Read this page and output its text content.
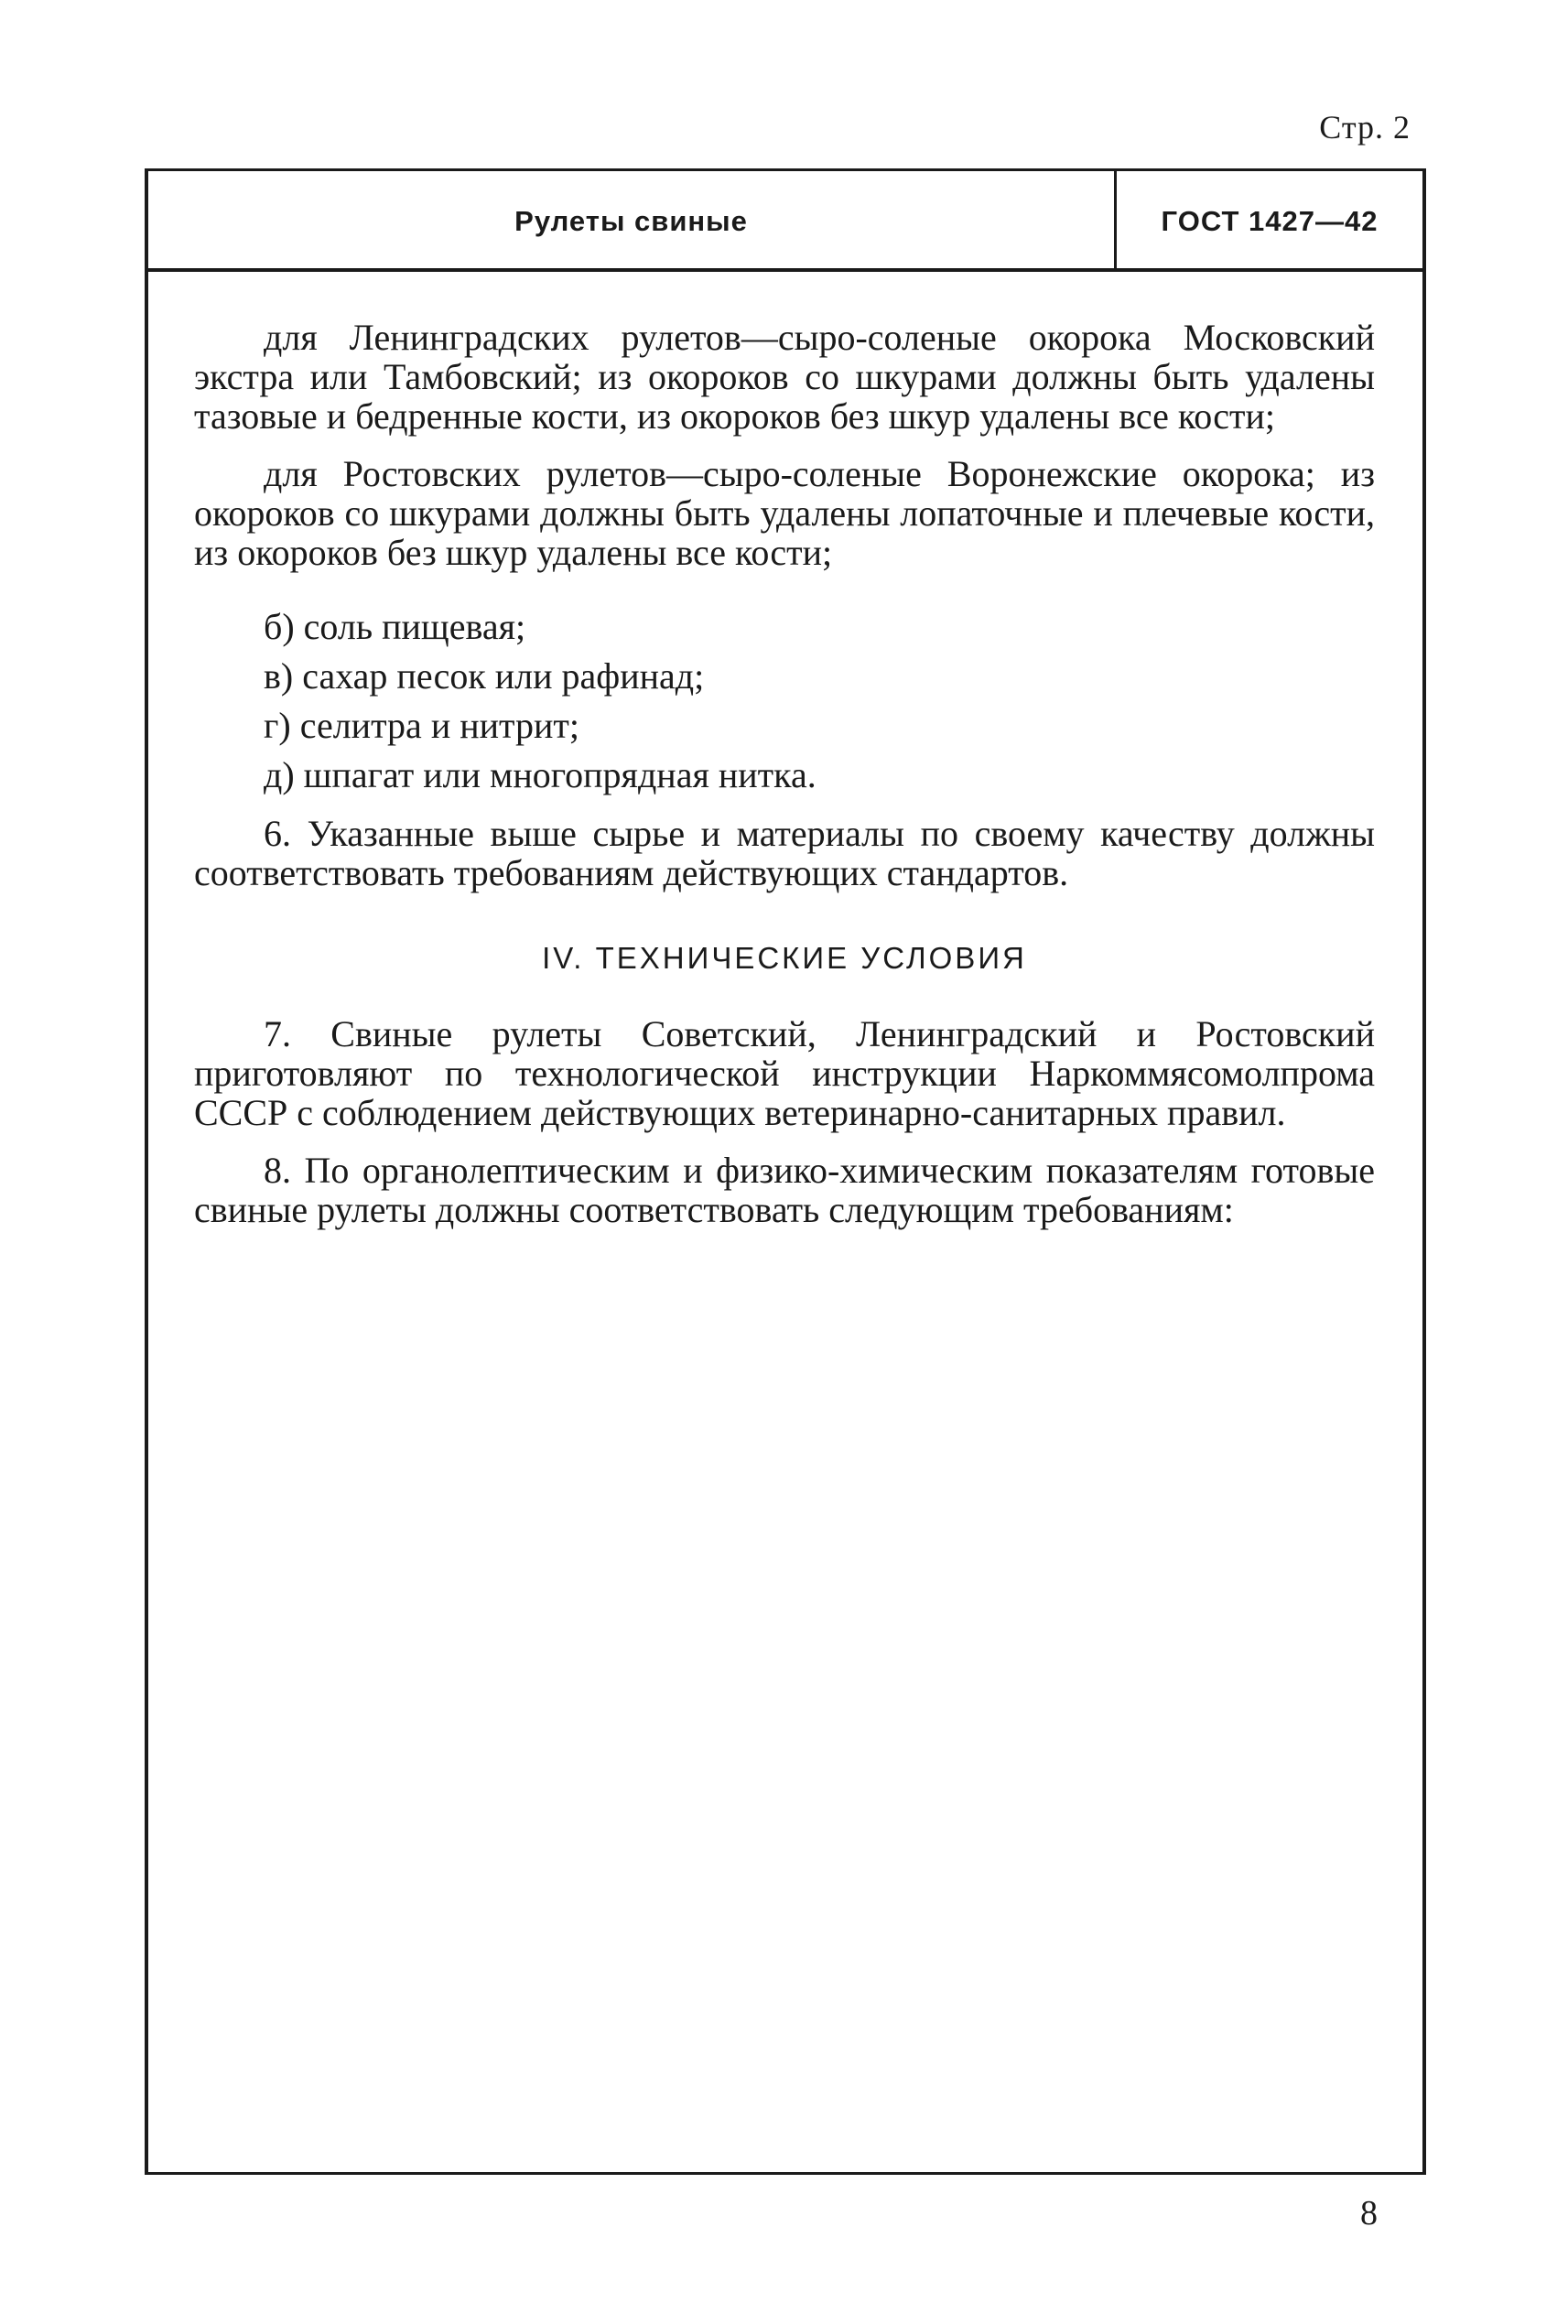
Стр. 2
Рулеты свиные	ГОСТ 1427—42

для Ленинградских рулетов—сыро-соленые окорока Московский экстра или Тамбовский; из окороков со шкурами должны быть удалены тазовые и бедренные кости, из окороков без шкур удалены все кости;

для Ростовских рулетов—сыро-соленые Воронежские окорока; из окороков со шкурами должны быть удалены лопаточные и плечевые кости, из окороков без шкур удалены все кости;

б) соль пищевая;
в) сахар песок или рафинад;
г) селитра и нитрит;
д) шпагат или многопрядная нитка.

6. Указанные выше сырье и материалы по своему качеству должны соответствовать требованиям действующих стандартов.

IV. ТЕХНИЧЕСКИЕ УСЛОВИЯ

7. Свиные рулеты Советский, Ленинградский и Ростовский приготовляют по технологической инструкции Наркоммясомолпрома СССР с соблюдением действующих ветеринарно-санитарных правил.

8. По органолептическим и физико-химическим показателям готовые свиные рулеты должны соответствовать следующим требованиям:

8
